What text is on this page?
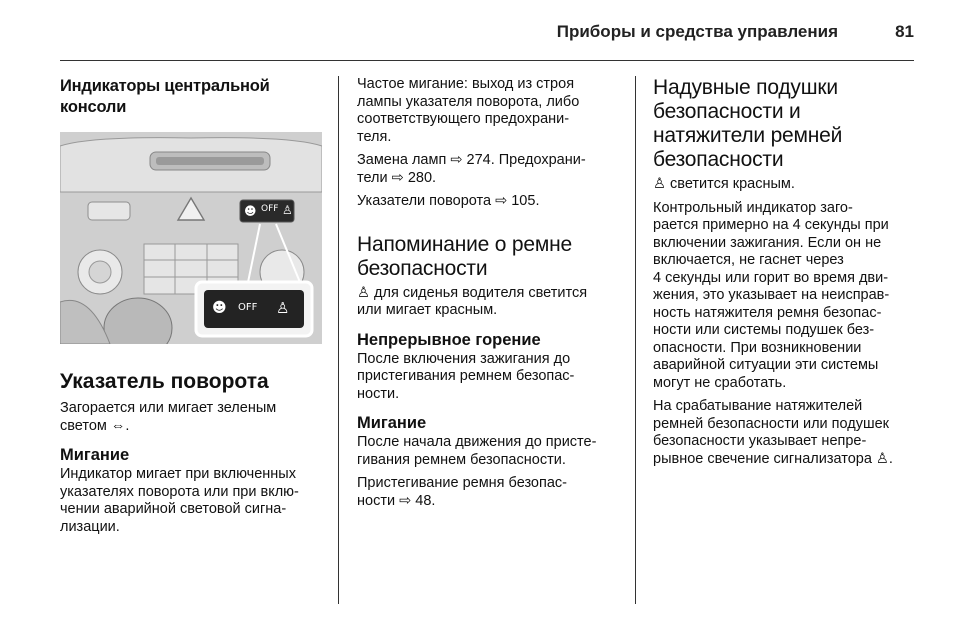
Приборы и средства управления	81
Индикаторы центральной
консоли
☻ OFF ♙
☻ OFF ♙
Указатель поворота
Загорается или мигает зеленым
светом ⇔.
Мигание
Индикатор мигает при включенных
указателях поворота или при вклю-
чении аварийной световой сигна-
лизации.
Частое мигание: выход из строя
лампы указателя поворота, либо
соответствующего предохрани-
теля.
Замена ламп ⇨ 274. Предохрани-
тели ⇨ 280.
Указатели поворота ⇨ 105.
Напоминание о ремне
безопасности
♙ для сиденья водителя светится
или мигает красным.
Непрерывное горение
После включения зажигания до
пристегивания ремнем безопас-
ности.
Мигание
После начала движения до присте-
гивания ремнем безопасности.
Пристегивание ремня безопас-
ности ⇨ 48.
Надувные подушки
безопасности и
натяжители ремней
безопасности
♙ светится красным.
Контрольный индикатор заго-
рается примерно на 4 секунды при
включении зажигания. Если он не
включается, не гаснет через
4 секунды или горит во время дви-
жения, это указывает на неисправ-
ность натяжителя ремня безопас-
ности или системы подушек без-
опасности. При возникновении
аварийной ситуации эти системы
могут не сработать.
На срабатывание натяжителей
ремней безопасности или подушек
безопасности указывает непре-
рывное свечение сигнализатора ♙.
